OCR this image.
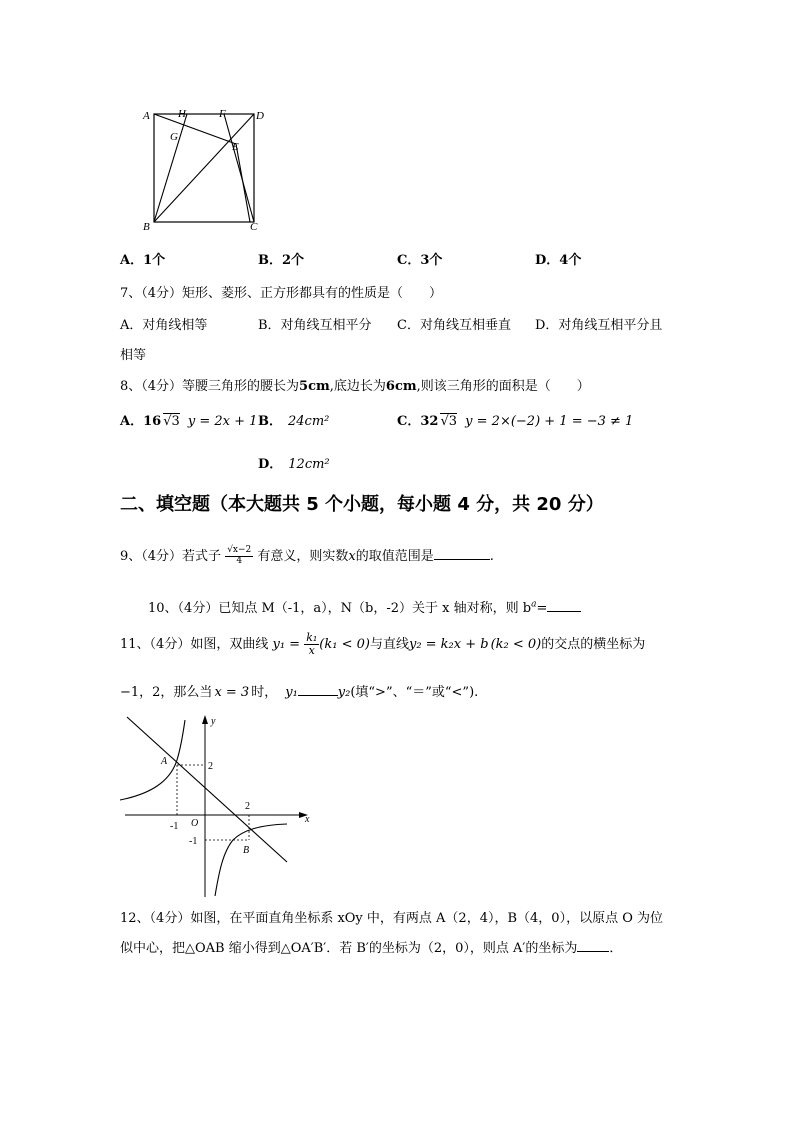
A	H	F	D
G
E
B	C
A．1个	B．2个	C．3个	D．4个
7、（4分）矩形、菱形、正方形都具有的性质是（　　）
A．对角线相等	B．对角线互相平分 C．对角线互相垂直 D．对角线互相平分且
相等
8、（4分）等腰三角形的腰长为5cm,底边长为6cm,则该三角形的面积是（　　）
A．16 √3 y = 2x + 1 B． 24cm²	C．32 √3 y = 2×(−2) + 1 = −3 ≠ 1
D． 12cm²
二、填空题（本大题共 5 个小题，每小题 4 分，共 20 分）
9、（4分）若式子 $\frac{√x-2}{4}$ 有意义，则实数x的取值范围是	.
10、（4分）已知点 M（-1，a），N（b，-2）关于 x 轴对称，则 $b^a=$
11、（4分）如图，双曲线 $y_1 = \frac{\text{k₁}}{x} (k_1 < 0)$与直线y₂ = k₂x + b (k₂ < 0)的交点的横坐标为
−1，2，那么当 x = 3 时， y₁	y₂(填“>”、“＝”或“<”).
y
x
O
A
B
2
2
-1
-1
12、（4分）如图，在平面直角坐标系 xOy 中，有两点 A（2，4），B（4，0），以原点 O 为位
似中心，把△OAB 缩小得到△OA′B′．若 B′的坐标为（2，0），则点 A′的坐标为 ．
